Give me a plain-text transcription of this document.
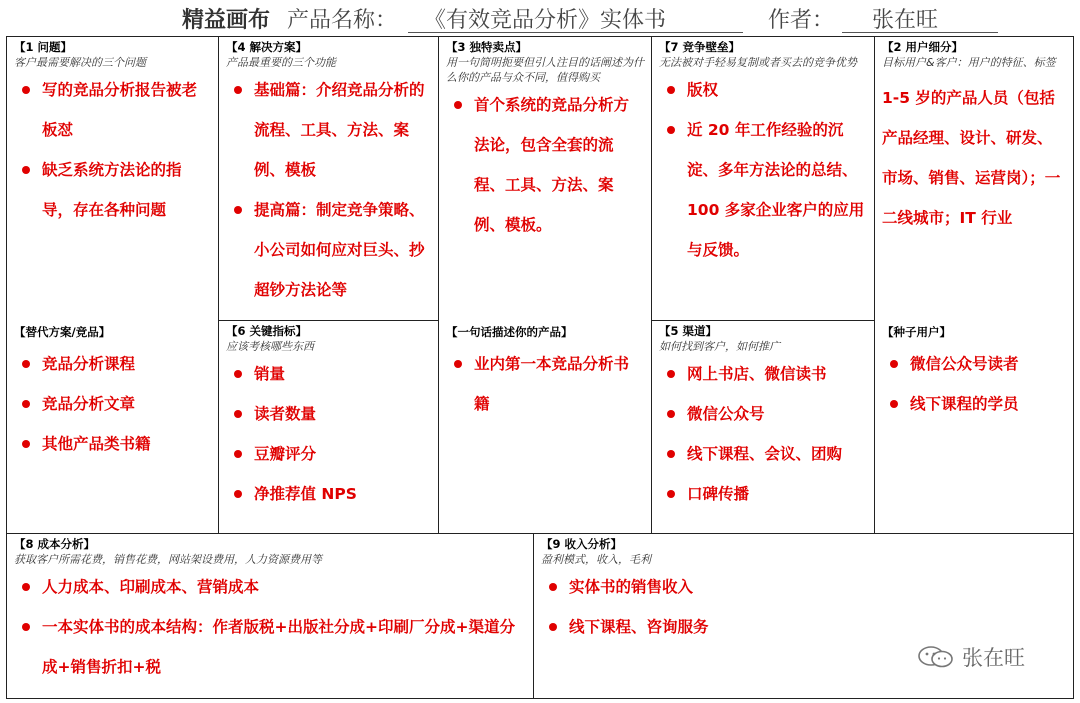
精益画布 产品名称：	《有效竞品分析》实体书	作者：	张在旺
【1 问题】
客户最需要解决的三个问题
写的竞品分析报告被老板怼
缺乏系统方法论的指导，存在各种问题
【替代方案/竞品】
竞品分析课程
竞品分析文章
其他产品类书籍
【4 解决方案】
产品最重要的三个功能
基础篇：介绍竞品分析的流程、工具、方法、案例、模板
提高篇：制定竞争策略、小公司如何应对巨头、抄超钞方法论等
【6 关键指标】
应该考核哪些东西
销量
读者数量
豆瓣评分
净推荐值 NPS
【3 独特卖点】
用一句简明扼要但引人注目的话阐述为什么你的产品与众不同，值得购买
首个系统的竞品分析方法论，包含全套的流程、工具、方法、案例、模板。
【一句话描述你的产品】
业内第一本竞品分析书籍
【7 竞争壁垒】
无法被对手轻易复制或者买去的竞争优势
版权
近 20 年工作经验的沉淀、多年方法论的总结、100 多家企业客户的应用与反馈。
【5 渠道】
如何找到客户，如何推广
网上书店、微信读书
微信公众号
线下课程、会议、团购
口碑传播
【2 用户细分】
目标用户&客户：用户的特征、标签
1-5 岁的产品人员（包括产品经理、设计、研发、市场、销售、运营岗）；一二线城市；IT 行业
【种子用户】
微信公众号读者
线下课程的学员
【8 成本分析】
获取客户所需花费，销售花费，网站架设费用，人力资源费用等
人力成本、印刷成本、营销成本
一本实体书的成本结构：作者版税+出版社分成+印刷厂分成+渠道分成+销售折扣+税
【9 收入分析】
盈利模式，收入，毛利
实体书的销售收入
线下课程、咨询服务
张在旺
